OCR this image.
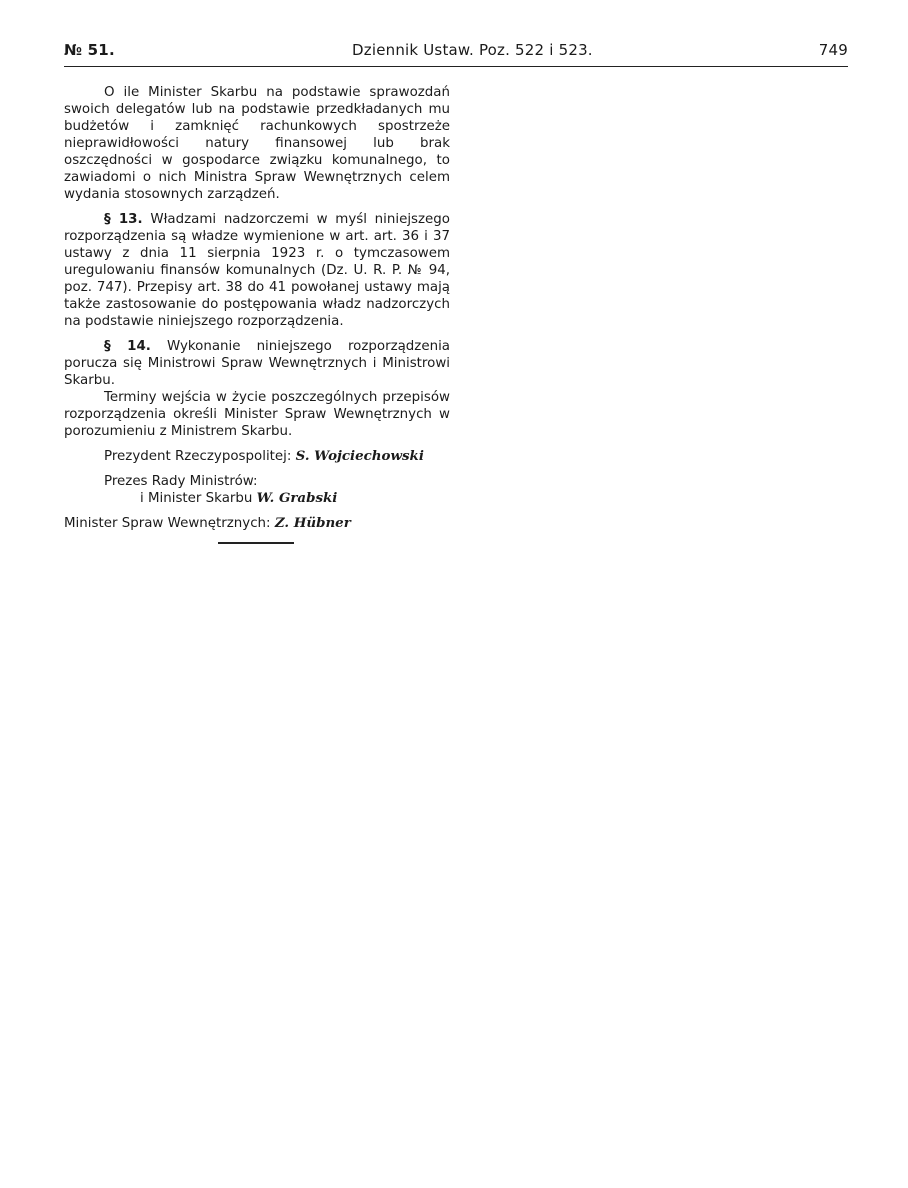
№ 51.	Dziennik Ustaw. Poz. 522 i 523.	749

O ile Minister Skarbu na podstawie sprawozdań swoich delegatów lub na podstawie przedkładanych mu budżetów i zamknięć rachunkowych spostrzeże nieprawidłowości natury finansowej lub brak oszczędności w gospodarce związku komunalnego, to zawiadomi o nich Ministra Spraw Wewnętrznych celem wydania stosownych zarządzeń.

§ 13. Władzami nadzorczemi w myśl niniejszego rozporządzenia są władze wymienione w art. art. 36 i 37 ustawy z dnia 11 sierpnia 1923 r. o tymczasowem uregulowaniu finansów komunalnych (Dz. U. R. P. № 94, poz. 747). Przepisy art. 38 do 41 powołanej ustawy mają także zastosowanie do postępowania władz nadzorczych na podstawie niniejszego rozporządzenia.

§ 14. Wykonanie niniejszego rozporządzenia porucza się Ministrowi Spraw Wewnętrznych i Ministrowi Skarbu.

Terminy wejścia w życie poszczególnych przepisów rozporządzenia określi Minister Spraw Wewnętrznych w porozumieniu z Ministrem Skarbu.

Prezydent Rzeczypospolitej: S. Wojciechowski
Prezes Rady Ministrów:
i Minister Skarbu W. Grabski
Minister Spraw Wewnętrznych: Z. Hübner
